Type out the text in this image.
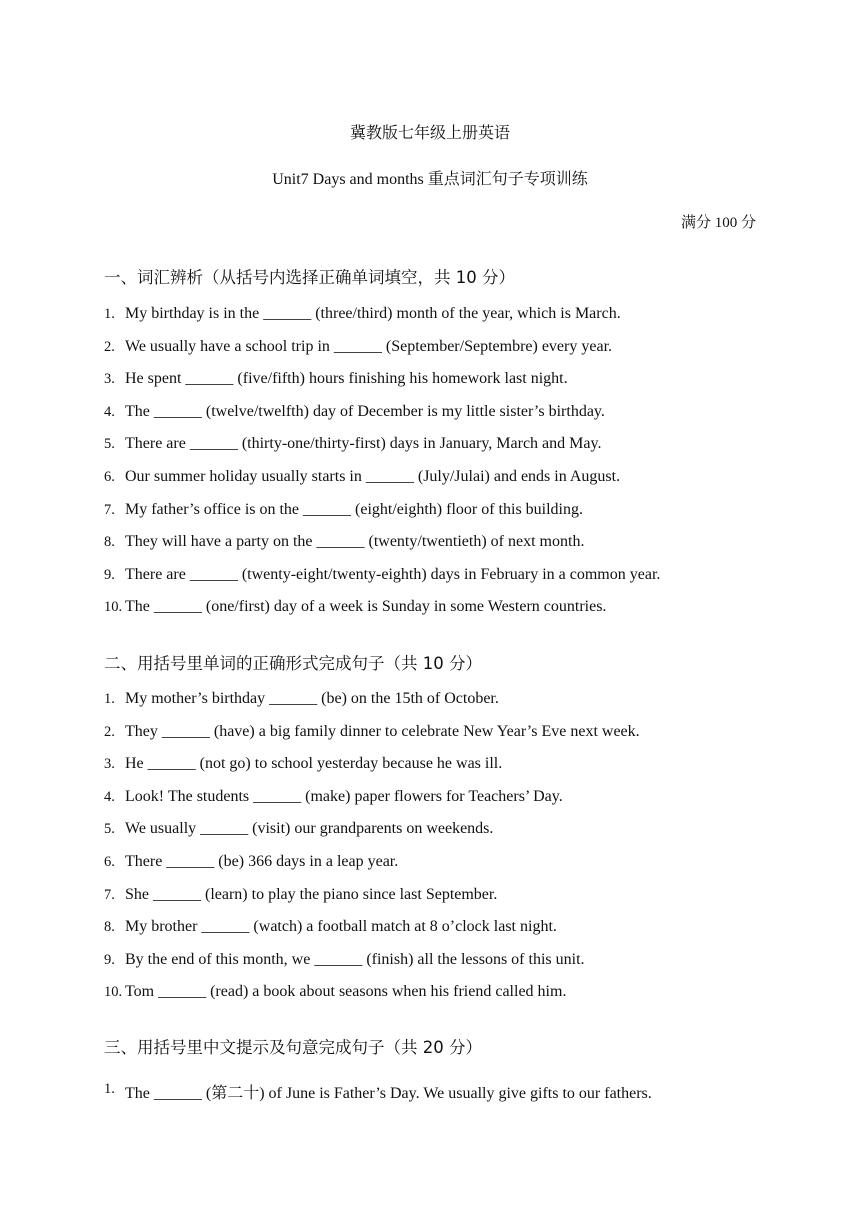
冀教版七年级上册英语
Unit7 Days and months 重点词汇句子专项训练
满分 100 分
一、词汇辨析（从括号内选择正确单词填空，共 10 分）
1. My birthday is in the ______ (three/third) month of the year, which is March.
2. We usually have a school trip in ______ (September/Septembre) every year.
3. He spent ______ (five/fifth) hours finishing his homework last night.
4. The ______ (twelve/twelfth) day of December is my little sister’s birthday.
5. There are ______ (thirty-one/thirty-first) days in January, March and May.
6. Our summer holiday usually starts in ______ (July/Julai) and ends in August.
7. My father’s office is on the ______ (eight/eighth) floor of this building.
8. They will have a party on the ______ (twenty/twentieth) of next month.
9. There are ______ (twenty-eight/twenty-eighth) days in February in a common year.
10. The ______ (one/first) day of a week is Sunday in some Western countries.
二、用括号里单词的正确形式完成句子（共 10 分）
1. My mother’s birthday ______ (be) on the 15th of October.
2. They ______ (have) a big family dinner to celebrate New Year’s Eve next week.
3. He ______ (not go) to school yesterday because he was ill.
4. Look! The students ______ (make) paper flowers for Teachers’ Day.
5. We usually ______ (visit) our grandparents on weekends.
6. There ______ (be) 366 days in a leap year.
7. She ______ (learn) to play the piano since last September.
8. My brother ______ (watch) a football match at 8 o’clock last night.
9. By the end of this month, we ______ (finish) all the lessons of this unit.
10. Tom ______ (read) a book about seasons when his friend called him.
三、用括号里中文提示及句意完成句子（共 20 分）
1. The ______ (第二十) of June is Father’s Day. We usually give gifts to our fathers.
